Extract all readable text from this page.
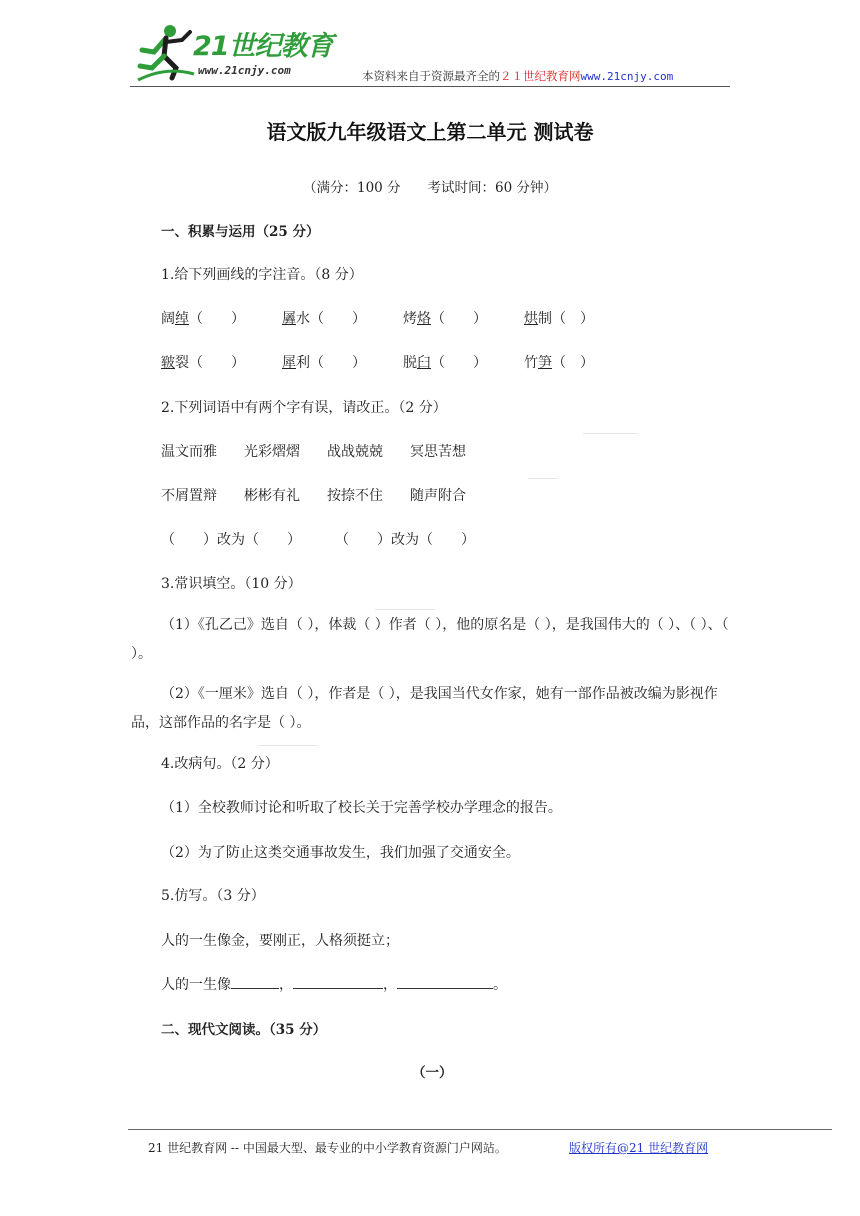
21世纪教育
www.21cnjy.com	本资料来自于资源最齐全的２１世纪教育网www.21cnjy.com
语文版九年级语文上第二单元 测试卷
（满分：100 分　　考试时间：60 分钟）
一、积累与运用（25 分）
1.给下列画线的字注音。（8 分）
阔绰（　　）	羼水（　　）	烤烙（　　）	烘制（　）
皲裂（　　）	犀利（　　）	脱臼（　　）	竹笋（　）
2.下列词语中有两个字有误，请改正。（2 分）
温文而雅 光彩熠熠 战战兢兢 冥思苦想
不屑置辩 彬彬有礼 按捺不住 随声附合
（　　）改为（　　） （　　）改为（　　）
3.常识填空。（10 分）
（1）《孔乙己》选自（ ），体裁（ ）作者（ ），他的原名是（ ），是我国伟大的（ ）、（ ）、（ ）。
（2）《一厘米》选自（ ），作者是（ ），是我国当代女作家，她有一部作品被改编为影视作品，这部作品的名字是（ ）。
4.改病句。（2 分）
（1）全校教师讨论和听取了校长关于完善学校办学理念的报告。
（2）为了防止这类交通事故发生，我们加强了交通安全。
5.仿写。（3 分）
人的一生像金，要刚正，人格须挺立；
人的一生像	，	，	。
二、现代文阅读。（35 分）
（一）
21 世纪教育网 -- 中国最大型、最专业的中小学教育资源门户网站。	版权所有@21 世纪教育网
